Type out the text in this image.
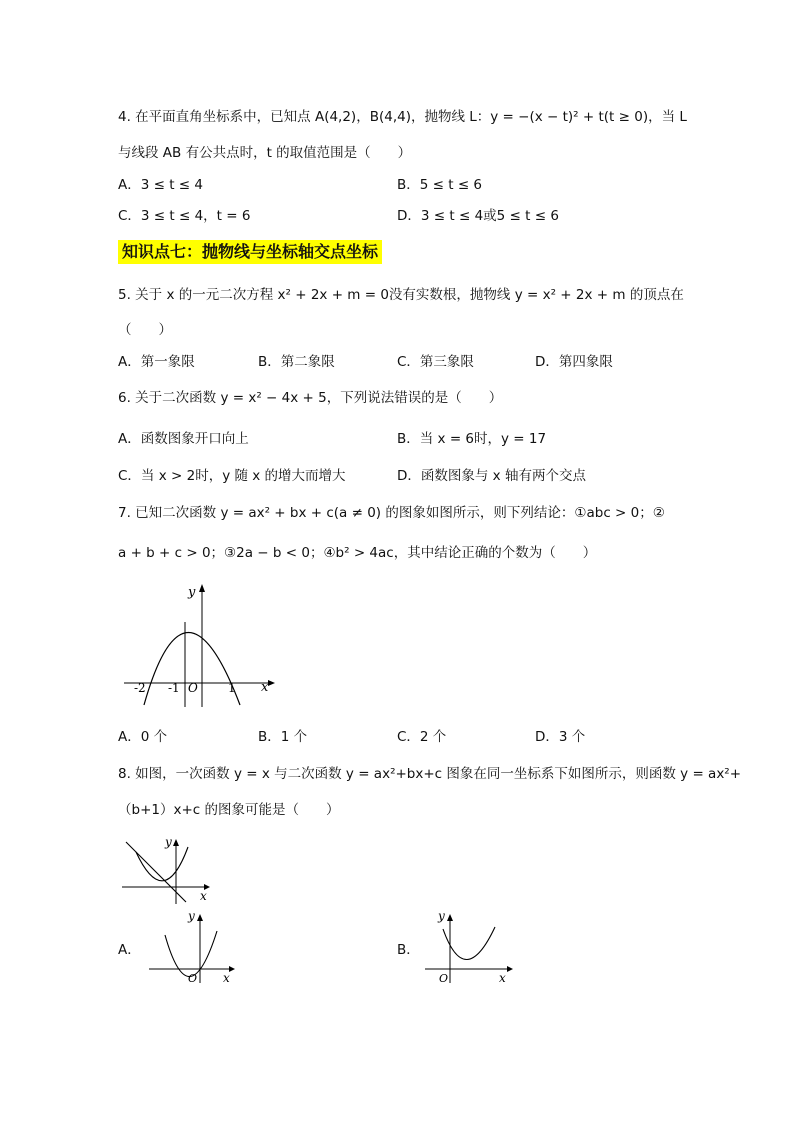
4. 在平面直角坐标系中，已知点 A(4,2)，B(4,4)，抛物线 L：y = −(x − t)² + t(t ≥ 0)，当 L
与线段 AB 有公共点时，t 的取值范围是（　　）
A．3 ≤ t ≤ 4	B．5 ≤ t ≤ 6
C．3 ≤ t ≤ 4，t = 6	D．3 ≤ t ≤ 4或5 ≤ t ≤ 6
知识点七：抛物线与坐标轴交点坐标
5. 关于 x 的一元二次方程 x² + 2x + m = 0没有实数根，抛物线 y = x² + 2x + m 的顶点在
（　　）
A．第一象限	B．第二象限	C．第三象限	D．第四象限
6. 关于二次函数 y = x² − 4x + 5，下列说法错误的是（　　）
A．函数图象开口向上	B．当 x = 6时，y = 17
C．当 x > 2时，y 随 x 的增大而增大	D．函数图象与 x 轴有两个交点
7. 已知二次函数 y = ax² + bx + c(a ≠ 0) 的图象如图所示，则下列结论：①abc > 0；②
a + b + c > 0；③2a − b < 0；④b² > 4ac，其中结论正确的个数为（　　）
y
x
-2 -1 O	1
A．0 个	B．1 个	C．2 个	D．3 个
8. 如图，一次函数 y = x 与二次函数 y = ax²+bx+c 图象在同一坐标系下如图所示，则函数 y = ax²+
（b+1）x+c 的图象可能是（　　）
y
x
A．
y
O x
B．
y
O	x
